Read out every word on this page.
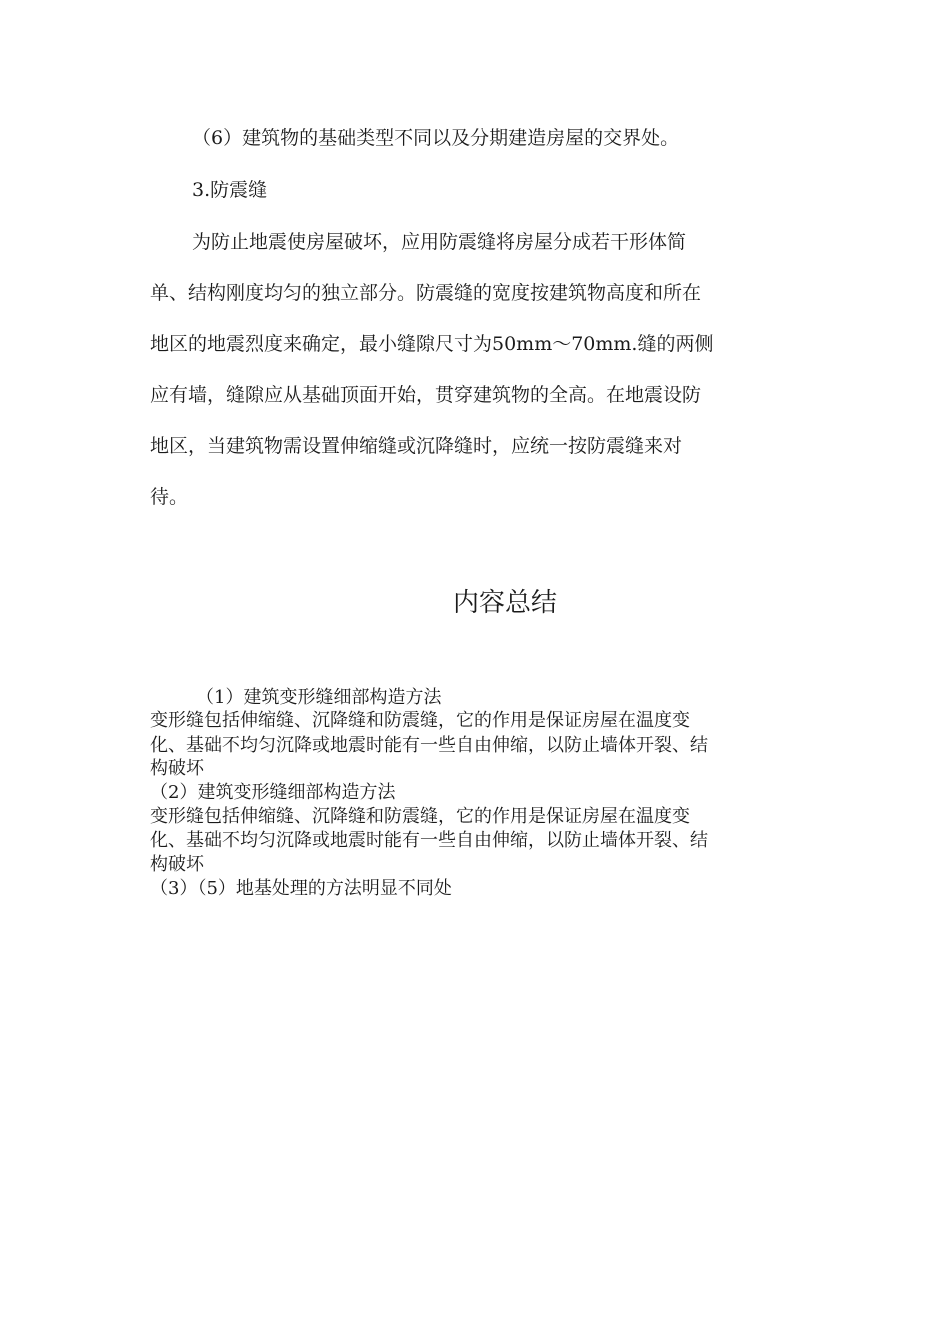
（6）建筑物的基础类型不同以及分期建造房屋的交界处。
3.防震缝
为防止地震使房屋破坏，应用防震缝将房屋分成若干形体简
单、结构刚度均匀的独立部分。防震缝的宽度按建筑物高度和所在
地区的地震烈度来确定，最小缝隙尺寸为50mm～70mm.缝的两侧
应有墙，缝隙应从基础顶面开始，贯穿建筑物的全高。在地震设防
地区，当建筑物需设置伸缩缝或沉降缝时，应统一按防震缝来对
待。
内容总结
（1）建筑变形缝细部构造方法
变形缝包括伸缩缝、沉降缝和防震缝，它的作用是保证房屋在温度变
化、基础不均匀沉降或地震时能有一些自由伸缩，以防止墙体开裂、结
构破坏
（2）建筑变形缝细部构造方法
变形缝包括伸缩缝、沉降缝和防震缝，它的作用是保证房屋在温度变
化、基础不均匀沉降或地震时能有一些自由伸缩，以防止墙体开裂、结
构破坏
（3）（5）地基处理的方法明显不同处
